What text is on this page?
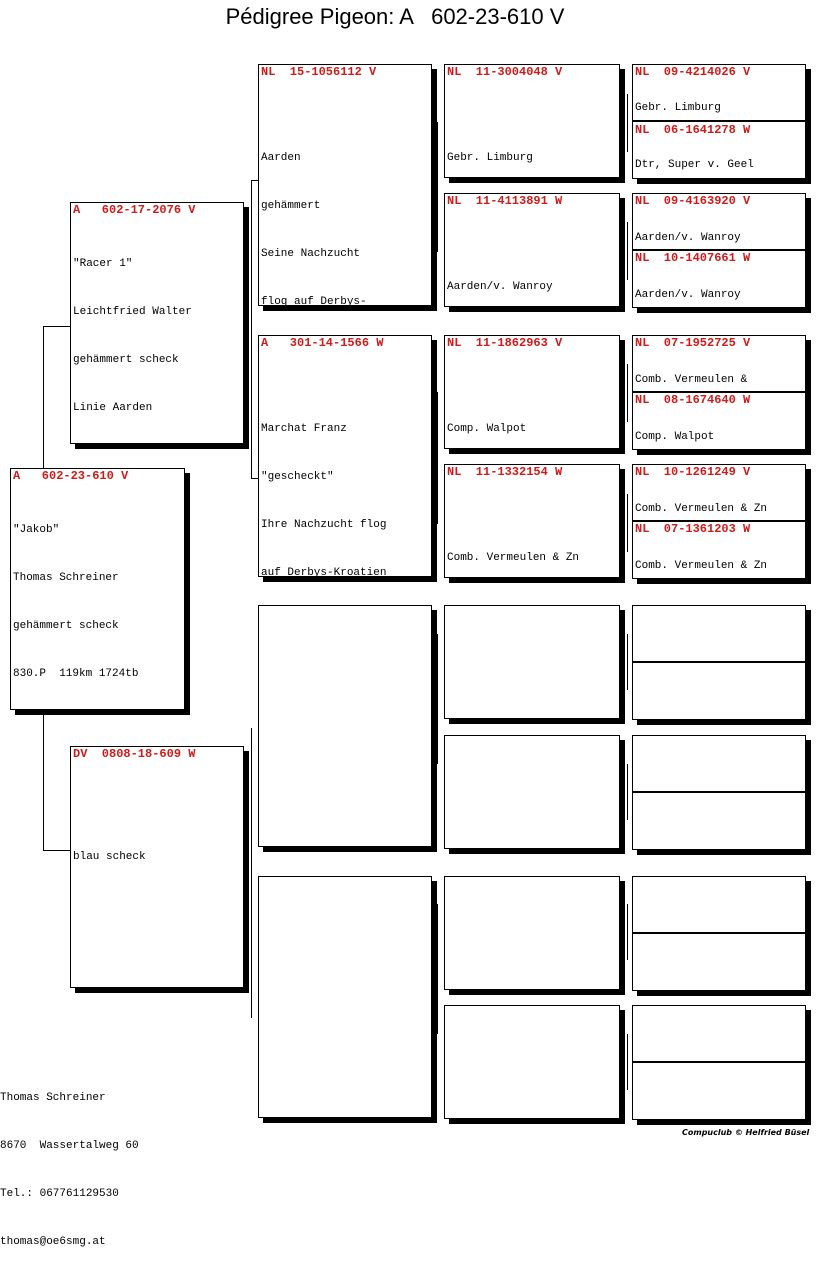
Pédigree Pigeon: A   602-23-610 V
A   602-23-610 V

"Jakob"

Thomas Schreiner

gehämmert scheck

830.P  119km 1724tb

A   602-17-2076 V

"Racer 1"

Leichtfried Walter

gehämmert scheck

Linie Aarden

DV  0808-18-609 W

blau scheck

NL  15-1056112 V

Aarden

gehämmert

Seine Nachzucht

flog auf Derbys-

A   301-14-1566 W

Marchat Franz

"gescheckt"

Ihre Nachzucht flog

auf Derbys-Kroatien

NL  11-3004048 V

Gebr. Limburg

NL  11-4113891 W

Aarden/v. Wanroy

NL  11-1862963 V

Comp. Walpot

NL  11-1332154 W

Comb. Vermeulen & Zn

NL  09-4214026 V
Gebr. Limburg
NL  06-1641278 W
Dtr, Super v. Geel
NL  09-4163920 V
Aarden/v. Wanroy
NL  10-1407661 W
Aarden/v. Wanroy
NL  07-1952725 V
Comb. Vermeulen &
NL  08-1674640 W
Comp. Walpot
NL  10-1261249 V
Comb. Vermeulen & Zn
NL  07-1361203 W
Comb. Vermeulen & Zn

Thomas Schreiner

8670  Wassertalweg 60

Tel.: 067761129530

thomas@oe6smg.at

Compuclub © Helfried Büsel
